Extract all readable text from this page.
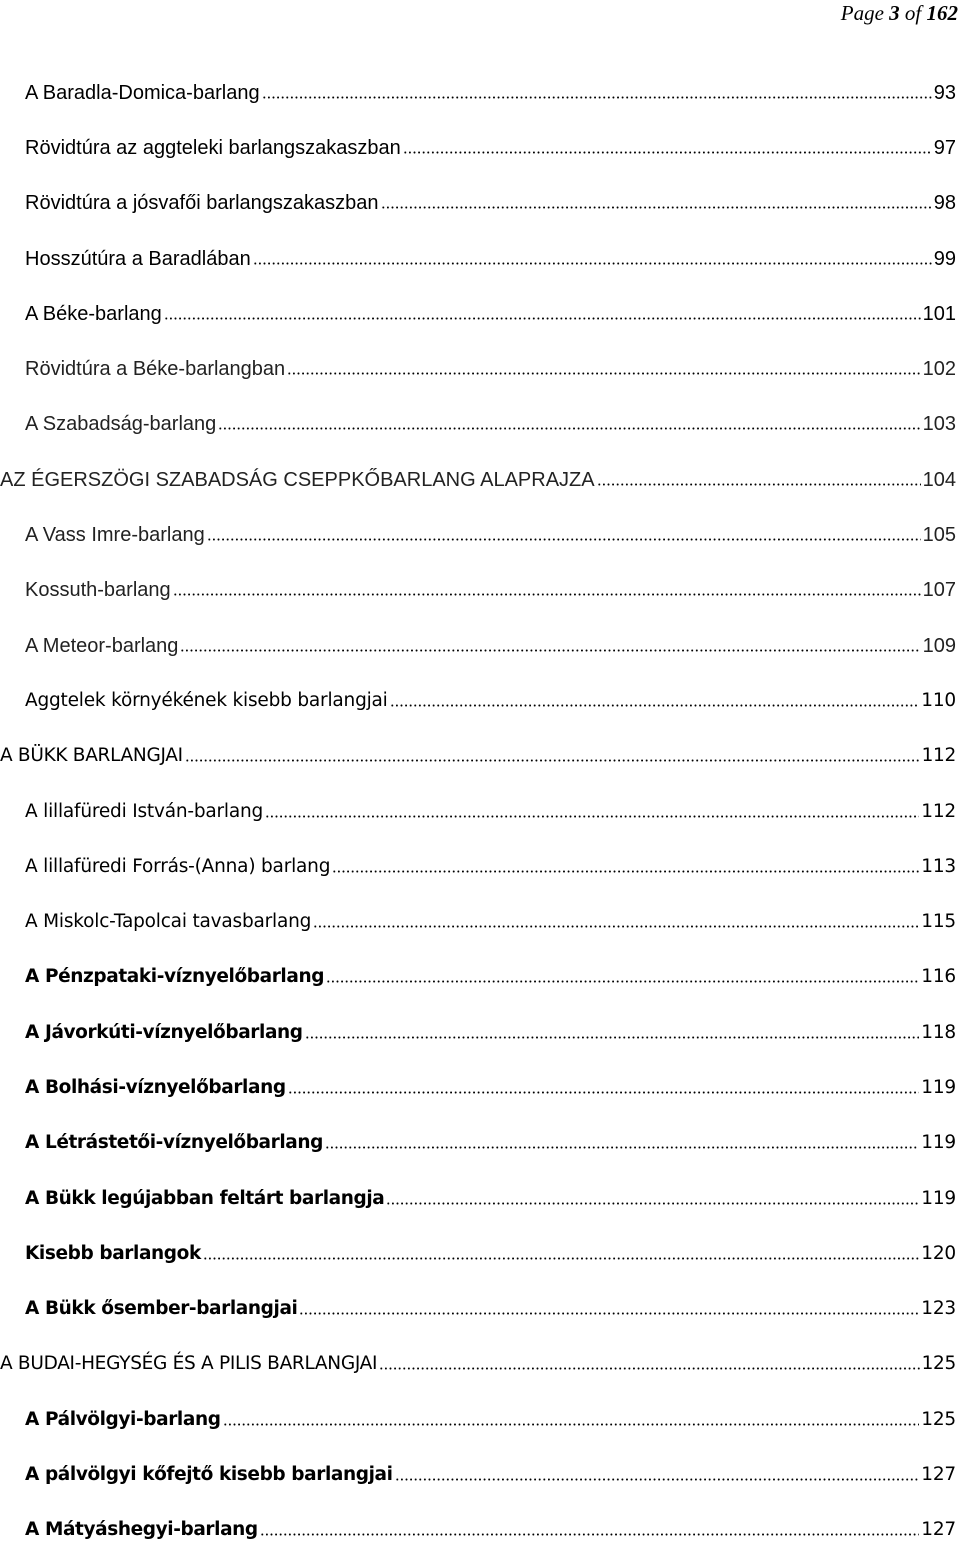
Page 3 of 162
A Baradla-Domica-barlang	93
Rövidtúra az aggteleki barlangszakaszban	97
Rövidtúra a jósvafői barlangszakaszban	98
Hosszútúra a Baradlában	99
A Béke-barlang	101
Rövidtúra a Béke-barlangban	102
A Szabadság-barlang	103
AZ ÉGERSZÖGI SZABADSÁG CSEPPKŐBARLANG ALAPRAJZA	104
A Vass Imre-barlang	105
Kossuth-barlang	107
A Meteor-barlang	109
Aggtelek környékének kisebb barlangjai	110
A BÜKK BARLANGJAI	112
A lillafüredi István-barlang	112
A lillafüredi Forrás-(Anna) barlang	113
A Miskolc-Tapolcai tavasbarlang	115
A Pénzpataki-víznyelőbarlang	116
A Jávorkúti-víznyelőbarlang	118
A Bolhási-víznyelőbarlang	119
A Létrástetői-víznyelőbarlang	119
A Bükk legújabban feltárt barlangja	119
Kisebb barlangok	120
A Bükk ősember-barlangjai	123
A BUDAI-HEGYSÉG ÉS A PILIS BARLANGJAI	125
A Pálvölgyi-barlang	125
A pálvölgyi kőfejtő kisebb barlangjai	127
A Mátyáshegyi-barlang	127
